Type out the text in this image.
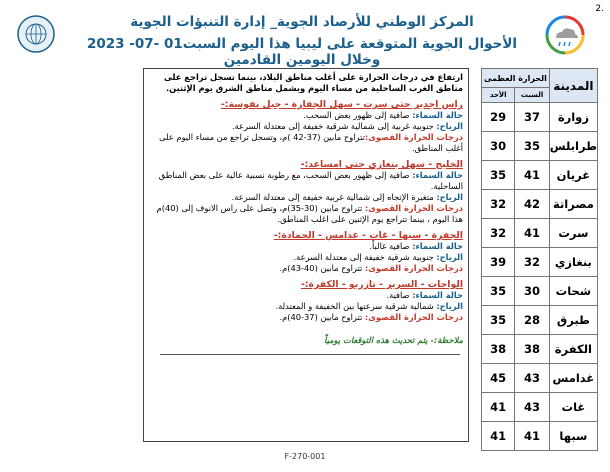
2.
المركز الوطني للأرصاد الجوية_ إدارة التنبؤات الجوية
الأحوال الجوية المتوقعة على ليبيا هذا اليوم السبت01 -07- 2023 وخلال اليومين القادمين
الحرارة العظمى		المدينة
الأحد	السبت	
29	37	زوارة
30	35	طرابلس
35	41	غريان
32	42	مصراتة
32	41	سرت
39	32	بنغازي
35	30	شحات
35	28	طبرق
38	38	الكفرة
45	43	غدامس
41	43	غات
41	41	سبها

ارتفاع في درجات الحرارة على أغلب مناطق البلاد، بينما تسجل تراجع على مناطق الغرب الساحلية من مساء اليوم ويشمل مناطق الشرق يوم الإثنين.

راس اجدير حتى سرت - سهل الجفارة - جبل نفوسة:-

حالة السماء: صافية إلى ظهور بعض السحب.

الرياح: جنوبية غربية إلى شمالية شرقية خفيفة إلى معتدلة السرعة.

درجات الحرارة القصوى:تتراوح مابين (37-42 )م، وتسجل تراجع من مساء اليوم على أغلب المناطق.

الخليج - سهل بنغازي حتى امساعد:-

حالة السماء: صافية إلى ظهور بعض السحب، مع رطوبة نسبية عالية على بعض المناطق الساحلية.

الرياح: متغيرة الإتجاه إلى شمالية غربية خفيفة إلى معتدلة السرعة.

درجات الحرارة القصوى: تتراوح مابين (30-35)م، وتصل على راس الانوف إلى (40)م هذا اليوم ، بينما تتراجع يوم الإثنين على اغلب المناطق.

الجفرة - سبها - غات - غدامس - الحمادة:-

حالة السماء: صافية غالباً.

الرياح: جنوبية شرقية خفيفة إلى معتدلة السرعة.

درجات الحرارة القصوى: تتراوح مابين (40-43)م.

الواحات - السرير - تازربو - الكفرة:-

حالة السماء: صافية.

الرياح: شمالية شرقية سرعتها بين الخفيفة و المعتدلة.

درجات الحرارة القصوى: تتراوح مابين (37-40)م.

ملاحظة:- يتم تحديث هذه التوقعات يومياً

F-270-001
